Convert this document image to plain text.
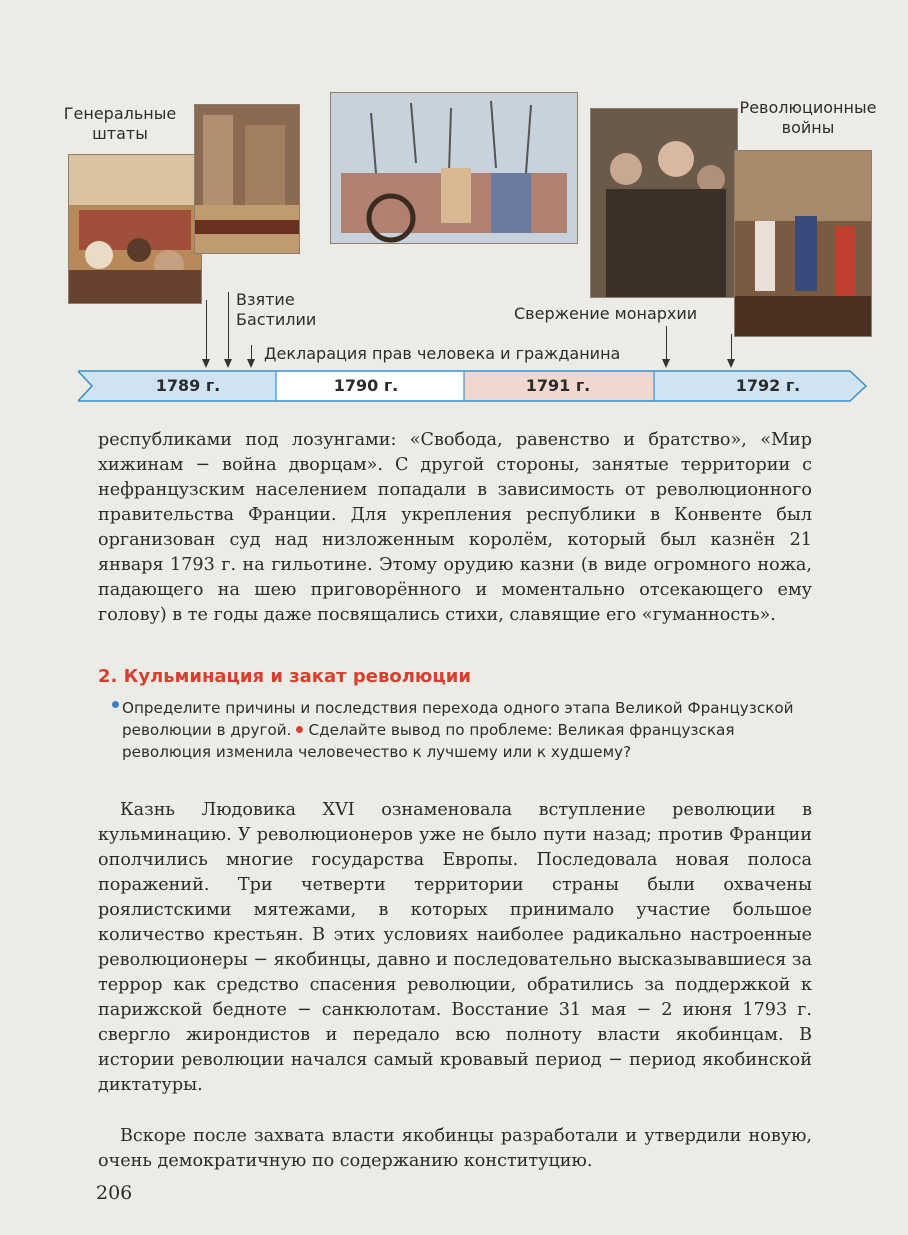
Генеральные штаты
Взятие Бастилии
Декларация прав человека и гражданина
Свержение монархии
Революционные войны
1789 г.	1790 г.	1791 г.	1792 г.

республиками под лозунгами: «Свобода, равенство и братство», «Мир хижинам − война дворцам». С другой стороны, занятые территории с нефранцузским населением попадали в зависимость от революционного правительства Франции. Для укрепления республики в Конвенте был организован суд над низложенным королём, который был казнён 21 января 1793 г. на гильотине. Этому орудию казни (в виде огромного ножа, падающего на шею приговорённого и моментально отсекающего ему голову) в те годы даже посвящались стихи, славящие его «гуманность».

2. Кульминация и закат революции

Определите причины и последствия перехода одного этапа Великой Французской революции в другой. Сделайте вывод по проблеме: Великая французская революция изменила человечество к лучшему или к худшему?

Казнь Людовика XVI ознаменовала вступление революции в кульминацию. У революционеров уже не было пути назад; против Франции ополчились многие государства Европы. Последовала новая полоса поражений. Три четверти территории страны были охвачены роялистскими мятежами, в которых принимало участие большое количество крестьян. В этих условиях наиболее радикально настроенные революционеры − якобинцы, давно и последовательно высказывавшиеся за террор как средство спасения революции, обратились за поддержкой к парижской бедноте − санкюлотам. Восстание 31 мая − 2 июня 1793 г. свергло жирондистов и передало всю полноту власти якобинцам. В истории революции начался самый кровавый период − период якобинской диктатуры.

Вскоре после захвата власти якобинцы разработали и утвердили новую, очень демократичную по содержанию конституцию.

206
